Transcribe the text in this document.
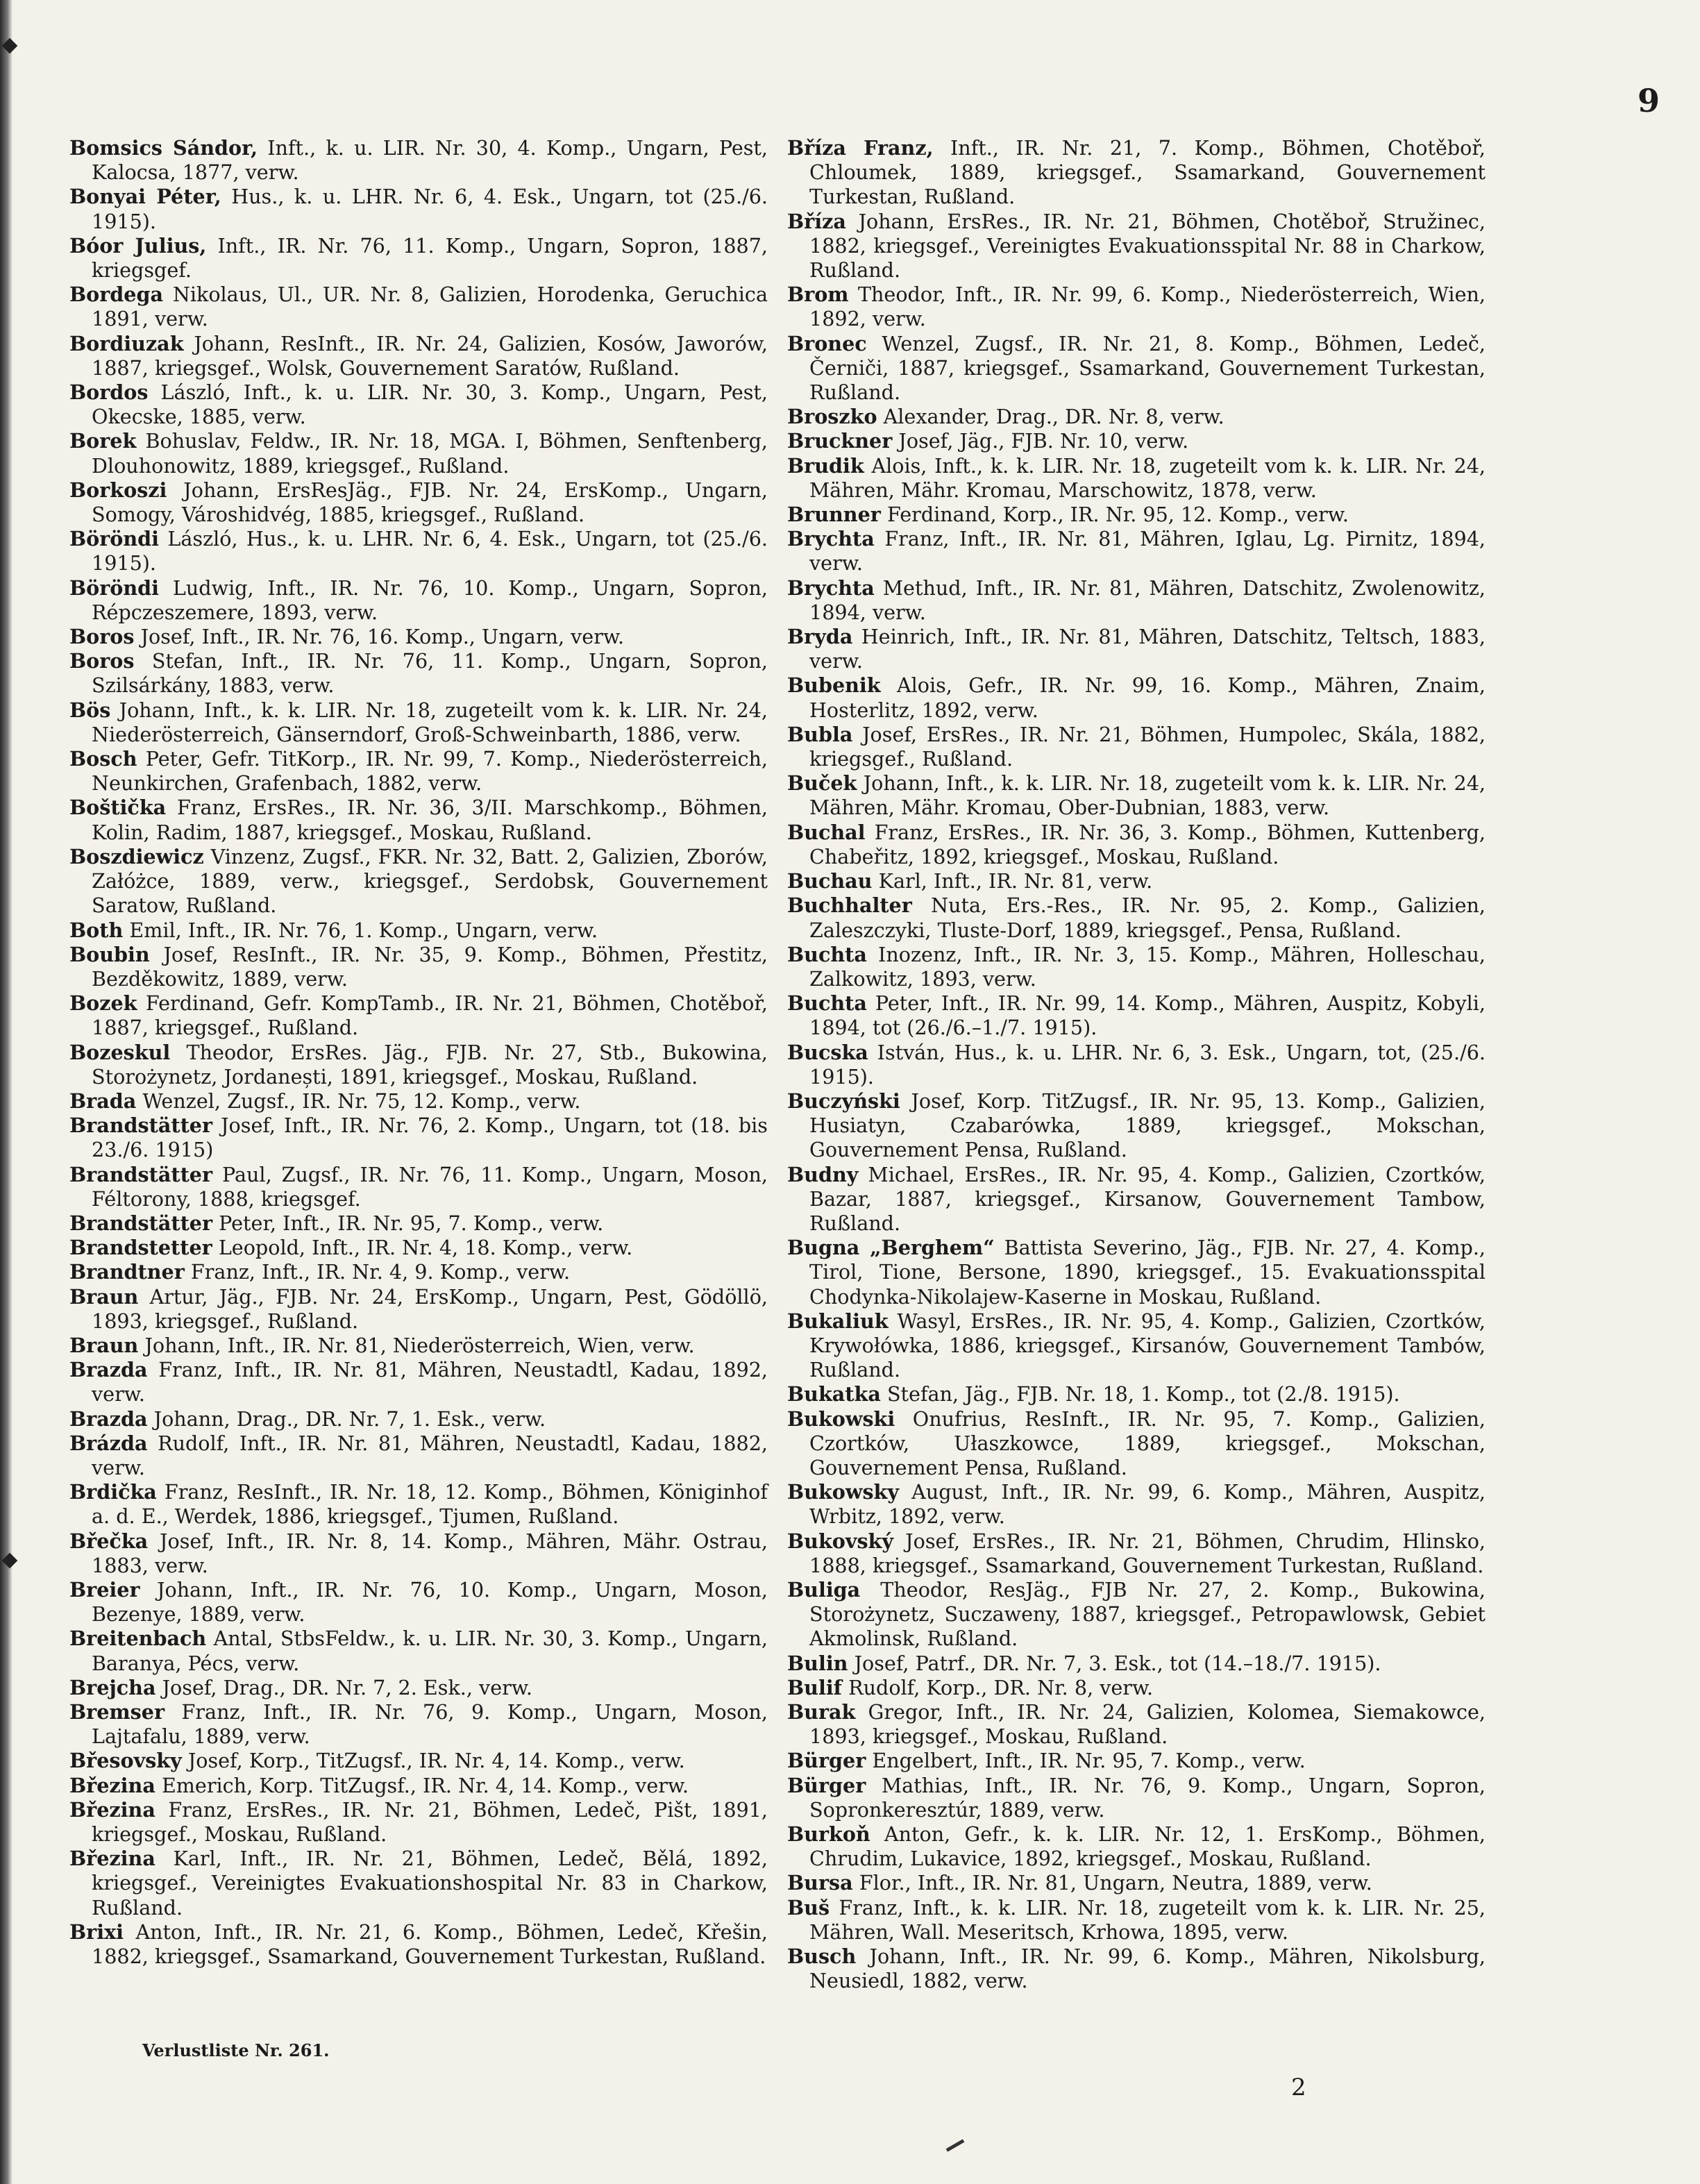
9

Bomsics Sándor, Inft., k. u. LIR. Nr. 30, 4. Komp., Ungarn, Pest, Kalocsa, 1877, verw.

Bonyai Péter, Hus., k. u. LHR. Nr. 6, 4. Esk., Ungarn, tot (25./6. 1915).

Bóor Julius, Inft., IR. Nr. 76, 11. Komp., Ungarn, Sopron, 1887, kriegsgef.

Bordega Nikolaus, Ul., UR. Nr. 8, Galizien, Horodenka, Geruchica 1891, verw.

Bordiuzak Johann, ResInft., IR. Nr. 24, Galizien, Kosów, Jaworów, 1887, kriegsgef., Wolsk, Gouvernement Saratów, Rußland.

Bordos László, Inft., k. u. LIR. Nr. 30, 3. Komp., Ungarn, Pest, Okecske, 1885, verw.

Borek Bohuslav, Feldw., IR. Nr. 18, MGA. I, Böhmen, Senftenberg, Dlouhonowitz, 1889, kriegsgef., Rußland.

Borkoszi Johann, ErsResJäg., FJB. Nr. 24, ErsKomp., Ungarn, Somogy, Városhidvég, 1885, kriegsgef., Rußland.

Böröndi László, Hus., k. u. LHR. Nr. 6, 4. Esk., Ungarn, tot (25./6. 1915).

Böröndi Ludwig, Inft., IR. Nr. 76, 10. Komp., Ungarn, Sopron, Répczeszemere, 1893, verw.

Boros Josef, Inft., IR. Nr. 76, 16. Komp., Ungarn, verw.

Boros Stefan, Inft., IR. Nr. 76, 11. Komp., Ungarn, Sopron, Szilsárkány, 1883, verw.

Bös Johann, Inft., k. k. LIR. Nr. 18, zugeteilt vom k. k. LIR. Nr. 24, Niederösterreich, Gänserndorf, Groß-Schweinbarth, 1886, verw.

Bosch Peter, Gefr. TitKorp., IR. Nr. 99, 7. Komp., Niederösterreich, Neunkirchen, Grafenbach, 1882, verw.

Boštička Franz, ErsRes., IR. Nr. 36, 3/II. Marschkomp., Böhmen, Kolin, Radim, 1887, kriegsgef., Moskau, Rußland.

Boszdiewicz Vinzenz, Zugsf., FKR. Nr. 32, Batt. 2, Galizien, Zborów, Załóżce, 1889, verw., kriegsgef., Serdobsk, Gouvernement Saratow, Rußland.

Both Emil, Inft., IR. Nr. 76, 1. Komp., Ungarn, verw.

Boubin Josef, ResInft., IR. Nr. 35, 9. Komp., Böhmen, Přestitz, Bezděkowitz, 1889, verw.

Bozek Ferdinand, Gefr. KompTamb., IR. Nr. 21, Böhmen, Chotěboř, 1887, kriegsgef., Rußland.

Bozeskul Theodor, ErsRes. Jäg., FJB. Nr. 27, Stb., Bukowina, Storożynetz, Jordanești, 1891, kriegsgef., Moskau, Rußland.

Brada Wenzel, Zugsf., IR. Nr. 75, 12. Komp., verw.

Brandstätter Josef, Inft., IR. Nr. 76, 2. Komp., Ungarn, tot (18. bis 23./6. 1915)

Brandstätter Paul, Zugsf., IR. Nr. 76, 11. Komp., Ungarn, Moson, Féltorony, 1888, kriegsgef.

Brandstätter Peter, Inft., IR. Nr. 95, 7. Komp., verw.

Brandstetter Leopold, Inft., IR. Nr. 4, 18. Komp., verw.

Brandtner Franz, Inft., IR. Nr. 4, 9. Komp., verw.

Braun Artur, Jäg., FJB. Nr. 24, ErsKomp., Ungarn, Pest, Gödöllö, 1893, kriegsgef., Rußland.

Braun Johann, Inft., IR. Nr. 81, Niederösterreich, Wien, verw.

Brazda Franz, Inft., IR. Nr. 81, Mähren, Neustadtl, Kadau, 1892, verw.

Brazda Johann, Drag., DR. Nr. 7, 1. Esk., verw.

Brázda Rudolf, Inft., IR. Nr. 81, Mähren, Neustadtl, Kadau, 1882, verw.

Brdička Franz, ResInft., IR. Nr. 18, 12. Komp., Böhmen, Königinhof a. d. E., Werdek, 1886, kriegsgef., Tjumen, Rußland.

Břečka Josef, Inft., IR. Nr. 8, 14. Komp., Mähren, Mähr. Ostrau, 1883, verw.

Breier Johann, Inft., IR. Nr. 76, 10. Komp., Ungarn, Moson, Bezenye, 1889, verw.

Breitenbach Antal, StbsFeldw., k. u. LIR. Nr. 30, 3. Komp., Ungarn, Baranya, Pécs, verw.

Brejcha Josef, Drag., DR. Nr. 7, 2. Esk., verw.

Bremser Franz, Inft., IR. Nr. 76, 9. Komp., Ungarn, Moson, Lajtafalu, 1889, verw.

Břesovsky Josef, Korp., TitZugsf., IR. Nr. 4, 14. Komp., verw.

Březina Emerich, Korp. TitZugsf., IR. Nr. 4, 14. Komp., verw.

Březina Franz, ErsRes., IR. Nr. 21, Böhmen, Ledeč, Pišt, 1891, kriegsgef., Moskau, Rußland.

Březina Karl, Inft., IR. Nr. 21, Böhmen, Ledeč, Bělá, 1892, kriegsgef., Vereinigtes Evakuationshospital Nr. 83 in Charkow, Rußland.

Brixi Anton, Inft., IR. Nr. 21, 6. Komp., Böhmen, Ledeč, Křešin, 1882, kriegsgef., Ssamarkand, Gouvernement Turkestan, Rußland.

Bříza Franz, Inft., IR. Nr. 21, 7. Komp., Böhmen, Chotěboř, Chloumek, 1889, kriegsgef., Ssamarkand, Gouvernement Turkestan, Rußland.

Bříza Johann, ErsRes., IR. Nr. 21, Böhmen, Chotěboř, Stružinec, 1882, kriegsgef., Vereinigtes Evakuationsspital Nr. 88 in Charkow, Rußland.

Brom Theodor, Inft., IR. Nr. 99, 6. Komp., Niederösterreich, Wien, 1892, verw.

Bronec Wenzel, Zugsf., IR. Nr. 21, 8. Komp., Böhmen, Ledeč, Černiči, 1887, kriegsgef., Ssamarkand, Gouvernement Turkestan, Rußland.

Broszko Alexander, Drag., DR. Nr. 8, verw.

Bruckner Josef, Jäg., FJB. Nr. 10, verw.

Brudik Alois, Inft., k. k. LIR. Nr. 18, zugeteilt vom k. k. LIR. Nr. 24, Mähren, Mähr. Kromau, Marschowitz, 1878, verw.

Brunner Ferdinand, Korp., IR. Nr. 95, 12. Komp., verw.

Brychta Franz, Inft., IR. Nr. 81, Mähren, Iglau, Lg. Pirnitz, 1894, verw.

Brychta Methud, Inft., IR. Nr. 81, Mähren, Datschitz, Zwolenowitz, 1894, verw.

Bryda Heinrich, Inft., IR. Nr. 81, Mähren, Datschitz, Teltsch, 1883, verw.

Bubenik Alois, Gefr., IR. Nr. 99, 16. Komp., Mähren, Znaim, Hosterlitz, 1892, verw.

Bubla Josef, ErsRes., IR. Nr. 21, Böhmen, Humpolec, Skála, 1882, kriegsgef., Rußland.

Buček Johann, Inft., k. k. LIR. Nr. 18, zugeteilt vom k. k. LIR. Nr. 24, Mähren, Mähr. Kromau, Ober-Dubnian, 1883, verw.

Buchal Franz, ErsRes., IR. Nr. 36, 3. Komp., Böhmen, Kuttenberg, Chabeřitz, 1892, kriegsgef., Moskau, Rußland.

Buchau Karl, Inft., IR. Nr. 81, verw.

Buchhalter Nuta, Ers.-Res., IR. Nr. 95, 2. Komp., Galizien, Zaleszczyki, Tluste-Dorf, 1889, kriegsgef., Pensa, Rußland.

Buchta Inozenz, Inft., IR. Nr. 3, 15. Komp., Mähren, Holleschau, Zalkowitz, 1893, verw.

Buchta Peter, Inft., IR. Nr. 99, 14. Komp., Mähren, Auspitz, Kobyli, 1894, tot (26./6.–1./7. 1915).

Bucska István, Hus., k. u. LHR. Nr. 6, 3. Esk., Ungarn, tot, (25./6. 1915).

Buczyński Josef, Korp. TitZugsf., IR. Nr. 95, 13. Komp., Galizien, Husiatyn, Czabarówka, 1889, kriegsgef., Mokschan, Gouvernement Pensa, Rußland.

Budny Michael, ErsRes., IR. Nr. 95, 4. Komp., Galizien, Czortków, Bazar, 1887, kriegsgef., Kirsanow, Gouvernement Tambow, Rußland.

Bugna „Berghem“ Battista Severino, Jäg., FJB. Nr. 27, 4. Komp., Tirol, Tione, Bersone, 1890, kriegsgef., 15. Evakuationsspital Chodynka-Nikolajew-Kaserne in Moskau, Rußland.

Bukaliuk Wasyl, ErsRes., IR. Nr. 95, 4. Komp., Galizien, Czortków, Krywołówka, 1886, kriegsgef., Kirsanów, Gouvernement Tambów, Rußland.

Bukatka Stefan, Jäg., FJB. Nr. 18, 1. Komp., tot (2./8. 1915).

Bukowski Onufrius, ResInft., IR. Nr. 95, 7. Komp., Galizien, Czortków, Ułaszkowce, 1889, kriegsgef., Mokschan, Gouvernement Pensa, Rußland.

Bukowsky August, Inft., IR. Nr. 99, 6. Komp., Mähren, Auspitz, Wrbitz, 1892, verw.

Bukovský Josef, ErsRes., IR. Nr. 21, Böhmen, Chrudim, Hlinsko, 1888, kriegsgef., Ssamarkand, Gouvernement Turkestan, Rußland.

Buliga Theodor, ResJäg., FJB Nr. 27, 2. Komp., Bukowina, Storożynetz, Suczaweny, 1887, kriegsgef., Petropawlowsk, Gebiet Akmolinsk, Rußland.

Bulin Josef, Patrf., DR. Nr. 7, 3. Esk., tot (14.–18./7. 1915).

Bulif Rudolf, Korp., DR. Nr. 8, verw.

Burak Gregor, Inft., IR. Nr. 24, Galizien, Kolomea, Siemakowce, 1893, kriegsgef., Moskau, Rußland.

Bürger Engelbert, Inft., IR. Nr. 95, 7. Komp., verw.

Bürger Mathias, Inft., IR. Nr. 76, 9. Komp., Ungarn, Sopron, Sopronkeresztúr, 1889, verw.

Burkoň Anton, Gefr., k. k. LIR. Nr. 12, 1. ErsKomp., Böhmen, Chrudim, Lukavice, 1892, kriegsgef., Moskau, Rußland.

Bursa Flor., Inft., IR. Nr. 81, Ungarn, Neutra, 1889, verw.

Buš Franz, Inft., k. k. LIR. Nr. 18, zugeteilt vom k. k. LIR. Nr. 25, Mähren, Wall. Meseritsch, Krhowa, 1895, verw.

Busch Johann, Inft., IR. Nr. 99, 6. Komp., Mähren, Nikolsburg, Neusiedl, 1882, verw.

Verlustliste Nr. 261.
2
